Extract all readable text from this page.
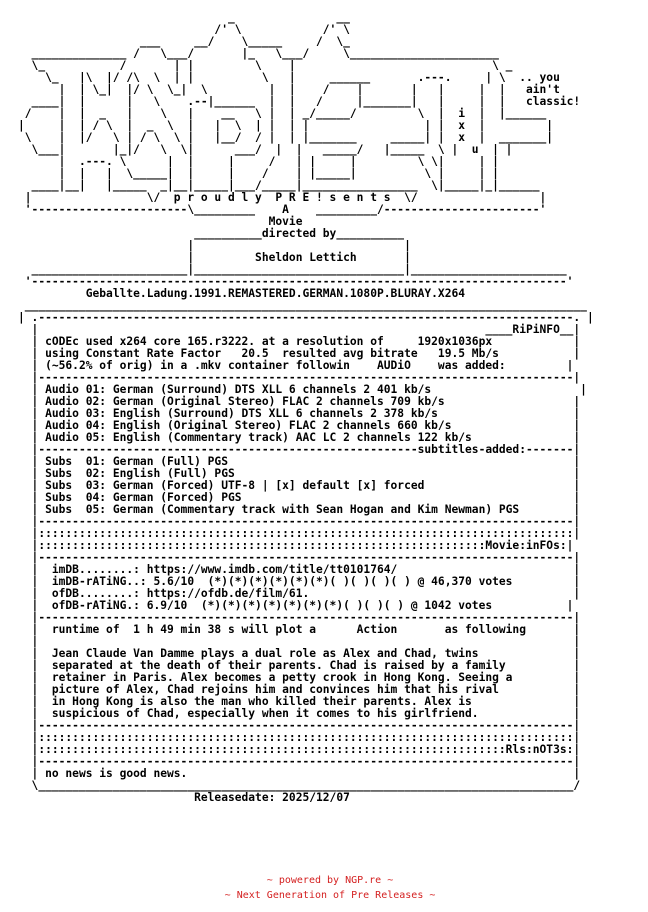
_               __
/' \            /' \
___     __/    \_____     /  \_
______________ /   \___/       |_   \___/     \______________________
\_           /       | |         \    |                             \ _
\_   |\  |/ /\  \  | |          \   |     ______       .---.     | \  .. you
|  | \_|  |/ \  \_|  \         |  |    /    |       |   |     |  |   ain't
____|  |      |   \    .--|______  |  |   /     |_______|   |     |  |   classic!
/    |  |  _   |    \   |    __   \ |  | _/_____/         \  |  i  |  |______
|     |  | / \  |  _  \  |   |  \  | |  | |                 | |  x  |         |
\    |  |/   \ | / \  \ |   |__/  / |  | |_______     _____| |  x  |  _______|
\___|       |_|/   \  \|      ___/  |  |   _____/   |_____  \ |  u  | |
|  .---. \      |  |     |     /   | |     |         \ \|     | |
|  |   |  \_____|  |     |    /    | |_____|          \ |     | |
____|__|   |_____  _|__|_____|___/_____|_________________  \|_____|_|______
|                 \/  p r o u d l y  P R E ! s e n t s  \/                  |
'-----------------------\_________    A    _________/-----------------------'
Movie
__________directed by__________
|                               |
|         Sheldon Lettich       |
_______________________|_______________________________|_______________________
'-------------------------------------------------------------------------------'
Geballte.Ladung.1991.REMASTERED.GERMAN.1080P.BLURAY.X264
___________________________________________________________________________________
| .-------------------------------------------------------------------------------. |
|                                                                  ____RiPiNFO__|
| cODEc used x264 core 165.r3222. at a resolution of     1920x1036px            |
| using Constant Rate Factor   20.5  resulted avg bitrate   19.5 Mb/s           |
| (~56.2% of orig) in a .mkv container followin    AUDiO    was added:         |
|-------------------------------------------------------------------------------|
| Audio 01: German (Surround) DTS XLL 6 channels 2 401 kb/s                      |
| Audio 02: German (Original Stereo) FLAC 2 channels 709 kb/s                   |
| Audio 03: English (Surround) DTS XLL 6 channels 2 378 kb/s                    |
| Audio 04: English (Original Stereo) FLAC 2 channels 660 kb/s                  |
| Audio 05: English (Commentary track) AAC LC 2 channels 122 kb/s               |
|--------------------------------------------------------subtitles-added:-------|
| Subs  01: German (Full) PGS                                                   |
| Subs  02: English (Full) PGS                                                  |
| Subs  03: German (Forced) UTF-8 | [x] default [x] forced                      |
| Subs  04: German (Forced) PGS                                                 |
| Subs  05: German (Commentary track with Sean Hogan and Kim Newman) PGS        |
|-------------------------------------------------------------------------------|
|:::::::::::::::::::::::::::::::::::::::::::::::::::::::::::::::::::::::::::::::|
|::::::::::::::::::::::::::::::::::::::::::::::::::::::::::::::::::Movie:inFOs:|
|-------------------------------------------------------------------------------|
|  imDB........: https://www.imdb.com/title/tt0101764/                          |
|  imDB-rATiNG..: 5.6/10  (*)(*)(*)(*)(*)(*)( )( )( )( ) @ 46,370 votes         |
|  ofDB........: https://ofdb.de/film/61.                                       |
|  ofDB-rATiNG.: 6.9/10  (*)(*)(*)(*)(*)(*)(*)( )( )( ) @ 1042 votes           |
|-------------------------------------------------------------------------------|
|  runtime of  1 h 49 min 38 s will plot a      Action       as following       |
|                                                                               |
|  Jean Claude Van Damme plays a dual role as Alex and Chad, twins              |
|  separated at the death of their parents. Chad is raised by a family          |
|  retainer in Paris. Alex becomes a petty crook in Hong Kong. Seeing a         |
|  picture of Alex, Chad rejoins him and convinces him that his rival           |
|  in Hong Kong is also the man who killed their parents. Alex is               |
|  suspicious of Chad, especially when it comes to his girlfriend.              |
|-------------------------------------------------------------------------------|
|:::::::::::::::::::::::::::::::::::::::::::::::::::::::::::::::::::::::::::::::|
|:::::::::::::::::::::::::::::::::::::::::::::::::::::::::::::::::::::Rls:nOT3s:|
|-------------------------------------------------------------------------------|
| no news is good news.                                                         |
\_______________________________________________________________________________/
Releasedate: 2025/12/07

~ powered by NGP.re ~

~ Next Generation of Pre Releases ~
